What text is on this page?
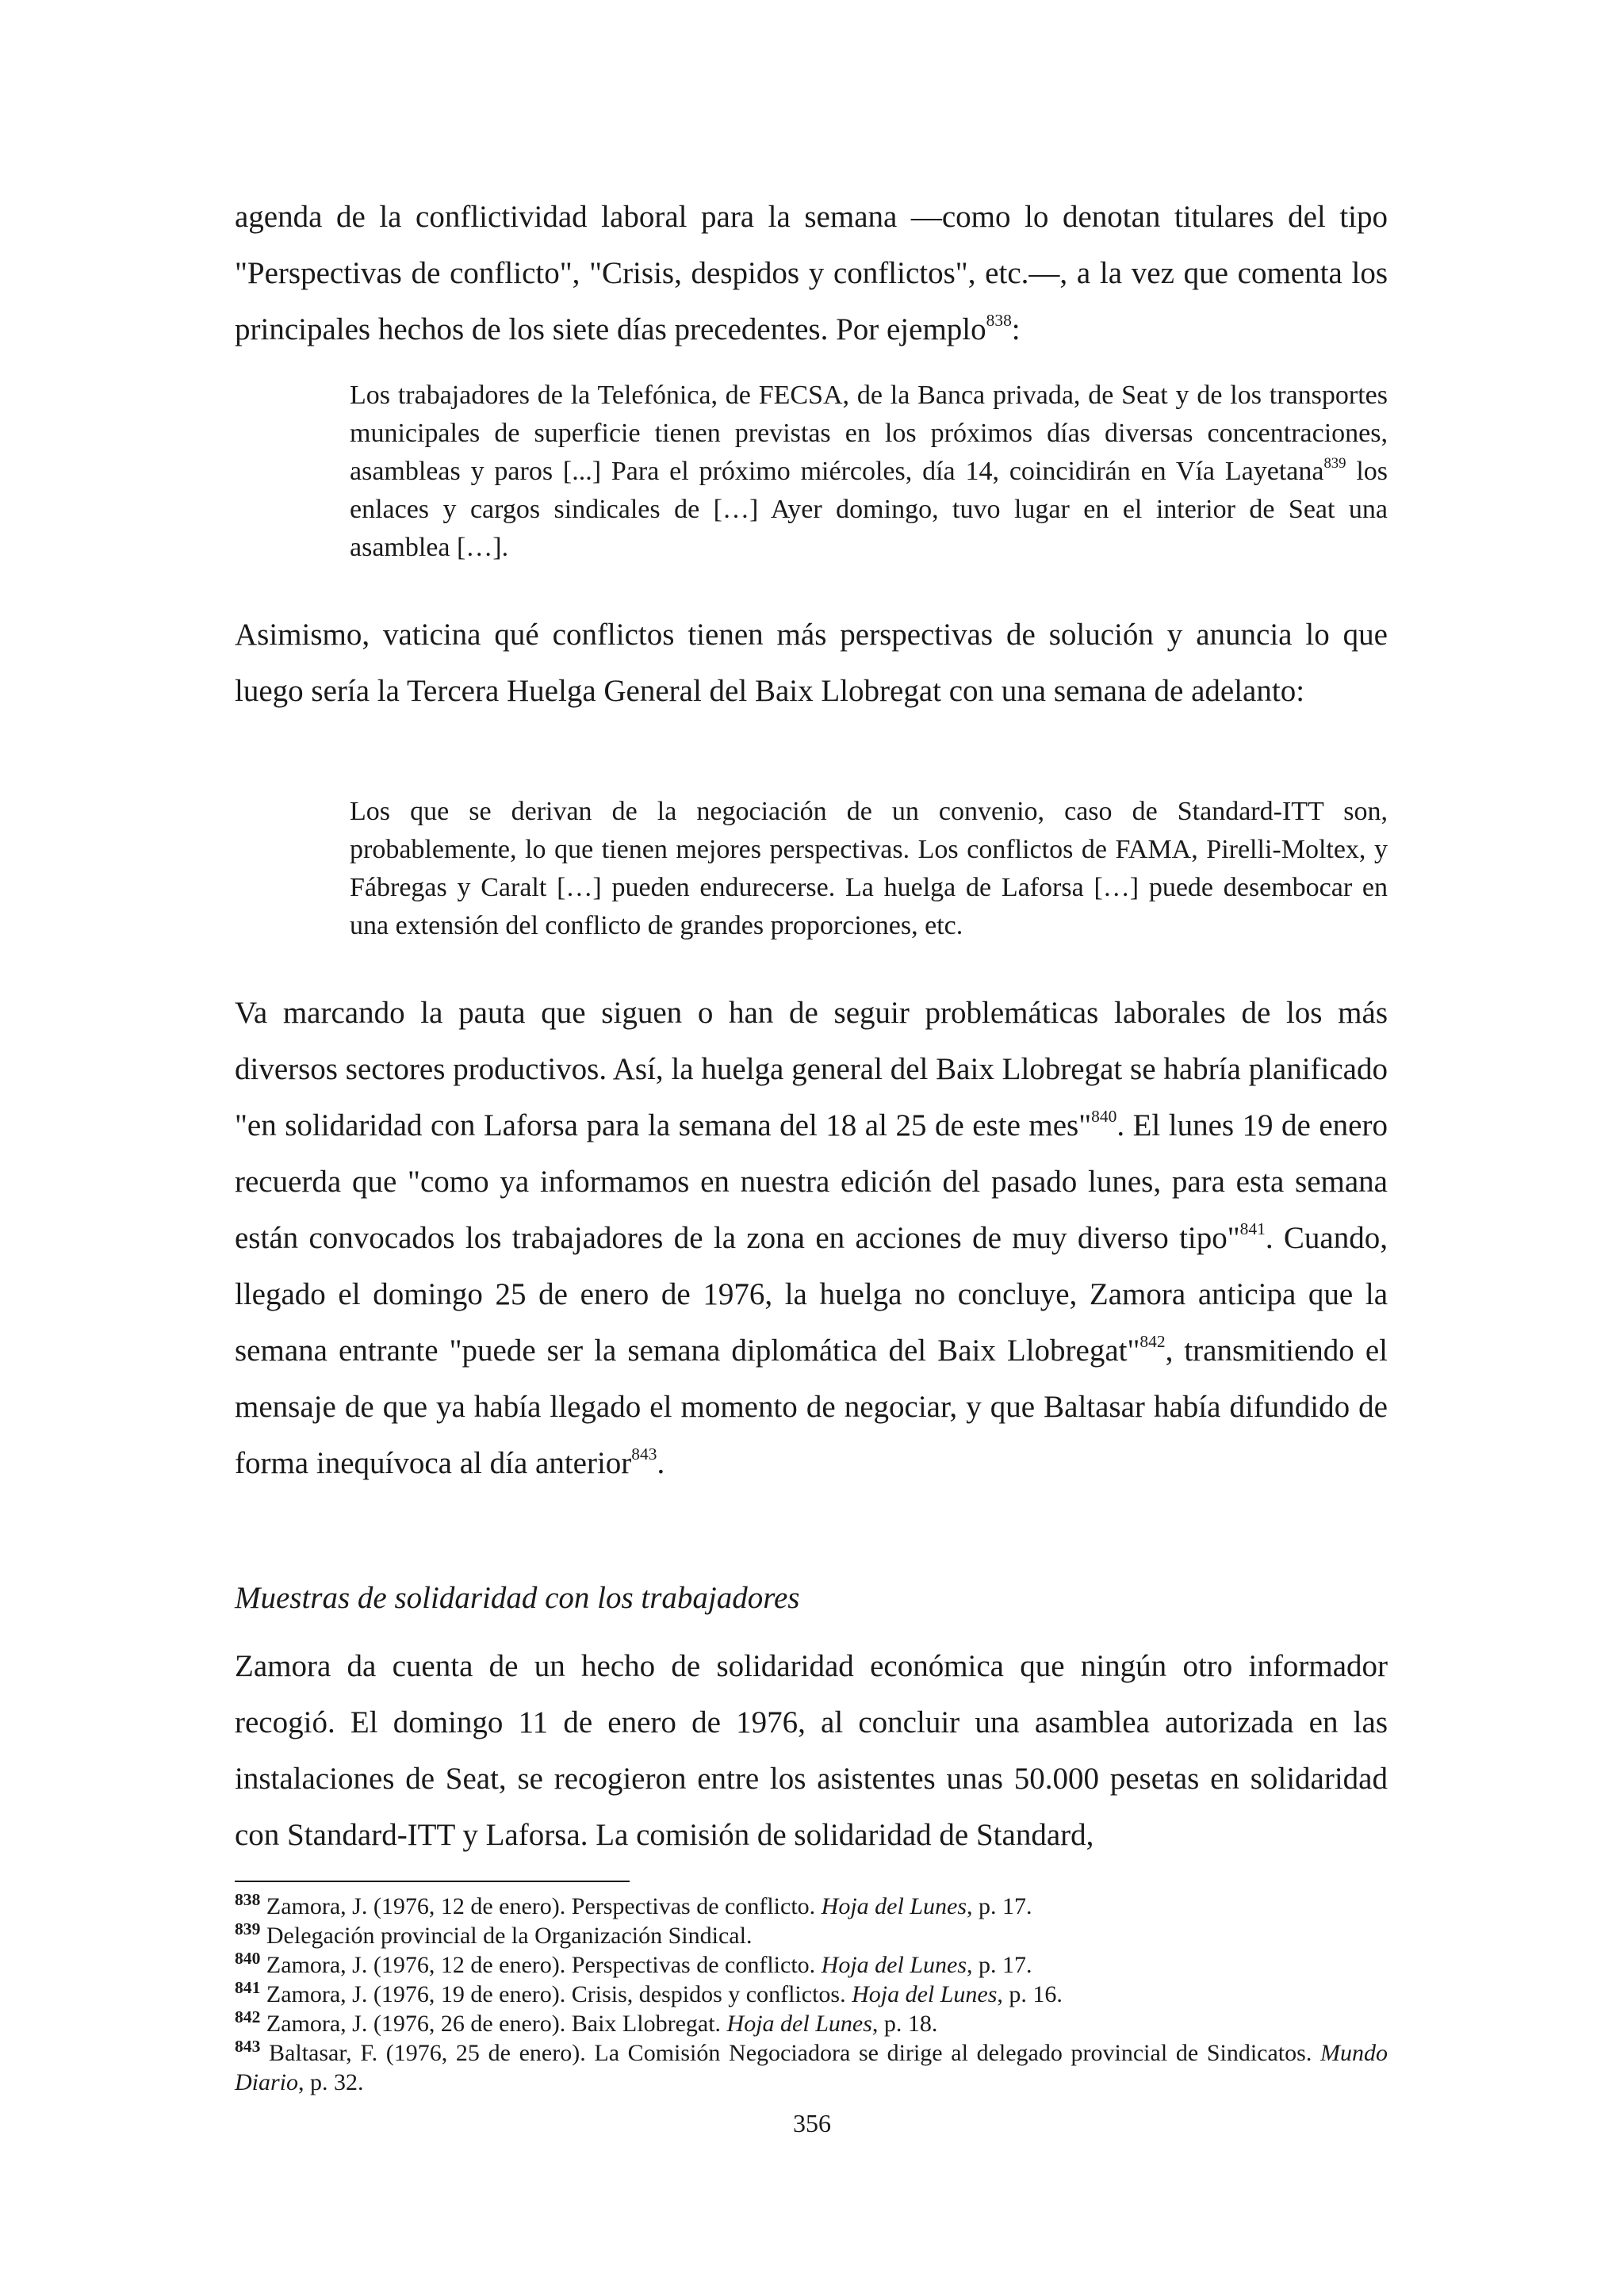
agenda de la conflictividad laboral para la semana —como lo denotan titulares del tipo "Perspectivas de conflicto", "Crisis, despidos y conflictos", etc.—, a la vez que comenta los principales hechos de los siete días precedentes. Por ejemplo$^{838}$:

Los trabajadores de la Telefónica, de FECSA, de la Banca privada, de Seat y de los transportes municipales de superficie tienen previstas en los próximos días diversas concentraciones, asambleas y paros [...] Para el próximo miércoles, día 14, coincidirán en Vía Layetana$^{839}$ los enlaces y cargos sindicales de […] Ayer domingo, tuvo lugar en el interior de Seat una asamblea […].

Asimismo, vaticina qué conflictos tienen más perspectivas de solución y anuncia lo que luego sería la Tercera Huelga General del Baix Llobregat con una semana de adelanto:

Los que se derivan de la negociación de un convenio, caso de Standard-ITT son, probablemente, lo que tienen mejores perspectivas. Los conflictos de FAMA, Pirelli-Moltex, y Fábregas y Caralt […] pueden endurecerse. La huelga de Laforsa […] puede desembocar en una extensión del conflicto de grandes proporciones, etc.

Va marcando la pauta que siguen o han de seguir problemáticas laborales de los más diversos sectores productivos. Así, la huelga general del Baix Llobregat se habría planificado "en solidaridad con Laforsa para la semana del 18 al 25 de este mes"$^{840}$. El lunes 19 de enero recuerda que "como ya informamos en nuestra edición del pasado lunes, para esta semana están convocados los trabajadores de la zona en acciones de muy diverso tipo"$^{841}$. Cuando, llegado el domingo 25 de enero de 1976, la huelga no concluye, Zamora anticipa que la semana entrante "puede ser la semana diplomática del Baix Llobregat"$^{842}$, transmitiendo el mensaje de que ya había llegado el momento de negociar, y que Baltasar había difundido de forma inequívoca al día anterior$^{843}$.

Muestras de solidaridad con los trabajadores

Zamora da cuenta de un hecho de solidaridad económica que ningún otro informador recogió. El domingo 11 de enero de 1976, al concluir una asamblea autorizada en las instalaciones de Seat, se recogieron entre los asistentes unas 50.000 pesetas en solidaridad con Standard-ITT y Laforsa. La comisión de solidaridad de Standard,

$^{838}$ Zamora, J. (1976, 12 de enero). Perspectivas de conflicto. Hoja del Lunes, p. 17.

$^{839}$ Delegación provincial de la Organización Sindical.

$^{840}$ Zamora, J. (1976, 12 de enero). Perspectivas de conflicto. Hoja del Lunes, p. 17.

$^{841}$ Zamora, J. (1976, 19 de enero). Crisis, despidos y conflictos. Hoja del Lunes, p. 16.

$^{842}$ Zamora, J. (1976, 26 de enero). Baix Llobregat. Hoja del Lunes, p. 18.

$^{843}$ Baltasar, F. (1976, 25 de enero). La Comisión Negociadora se dirige al delegado provincial de Sindicatos. Mundo Diario, p. 32.

356
